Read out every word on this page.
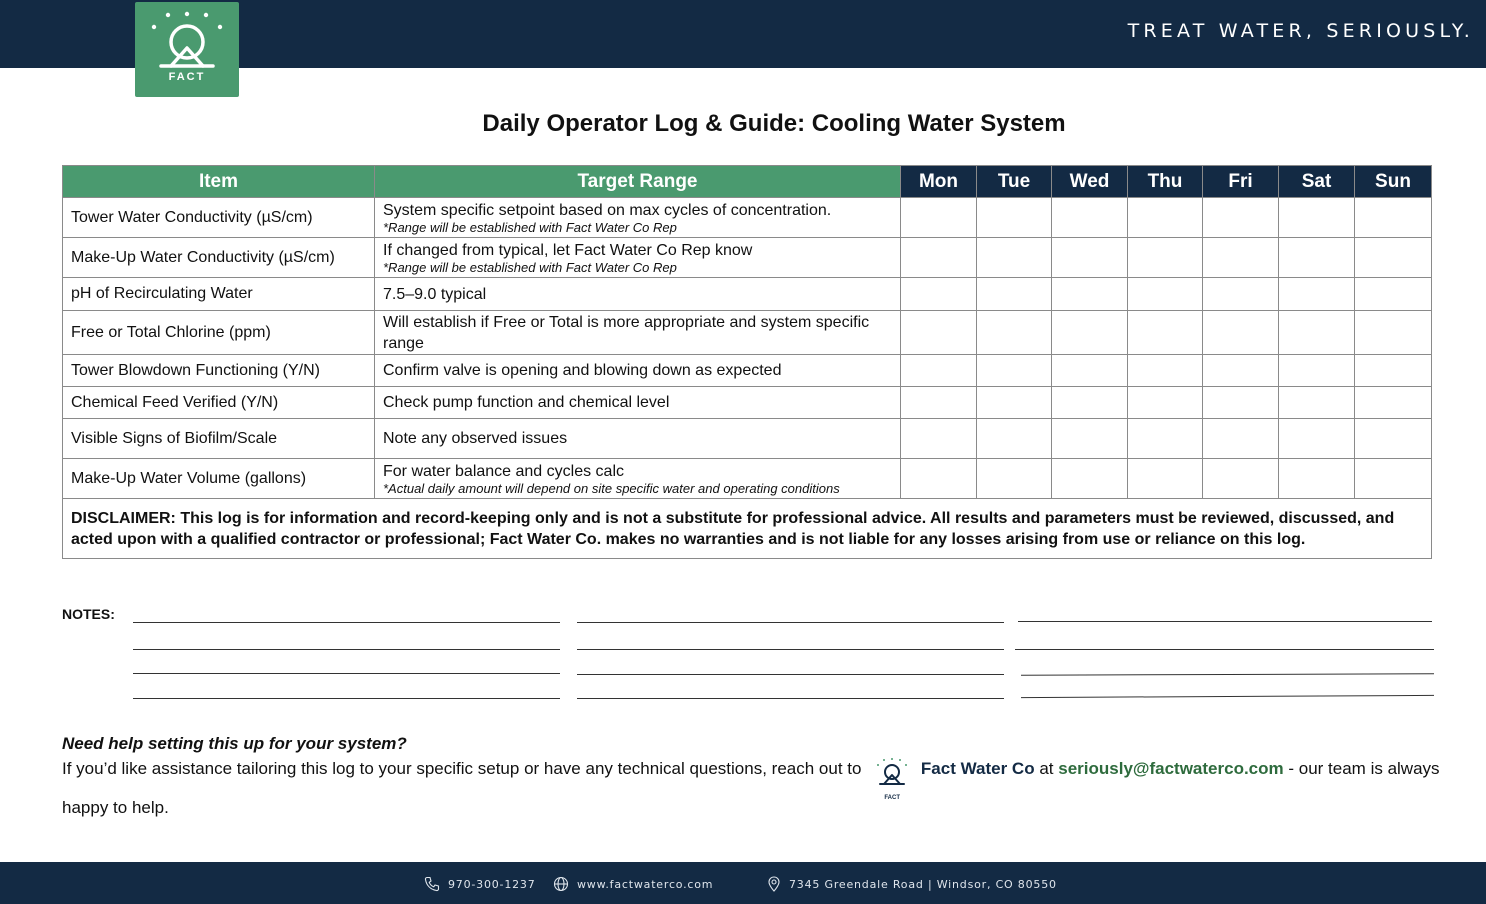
TREAT WATER, SERIOUSLY.
FACT
Daily Operator Log & Guide: Cooling Water System
Item	Target Range	Mon	Tue	Wed	Thu	Fri	Sat	Sun
Tower Water Conductivity (µS/cm)	System specific setpoint based on max cycles of concentration.
*Range will be established with Fact Water Co Rep							

Make-Up Water Conductivity (µS/cm)	If changed from typical, let Fact Water Co Rep know
*Range will be established with Fact Water Co Rep							

pH of Recirculating Water	7.5–9.0 typical							
Free or Total Chlorine (ppm)	Will establish if Free or Total is more appropriate and system specific range							
Tower Blowdown Functioning (Y/N)	Confirm valve is opening and blowing down as expected							
Chemical Feed Verified (Y/N)	Check pump function and chemical level							
Visible Signs of Biofilm/Scale	Note any observed issues							
Make-Up Water Volume (gallons)	For water balance and cycles calc
*Actual daily amount will depend on site specific water and operating conditions							

DISCLAIMER: This log is for information and record-keeping only and is not a substitute for professional advice. All results and parameters must be reviewed, discussed, and acted upon with a qualified contractor or professional; Fact Water Co. makes no warranties and is not liable for any losses arising from use or reliance on this log.								
NOTES:
Need help setting this up for your system?
If you’d like assistance tailoring this log to your specific setup or have any technical questions, reach out to
FACT
Fact Water Co at seriously@factwaterco.com - our team is always happy to help.
970-300-1237	www.factwaterco.com	7345 Greendale Road | Windsor, CO 80550
